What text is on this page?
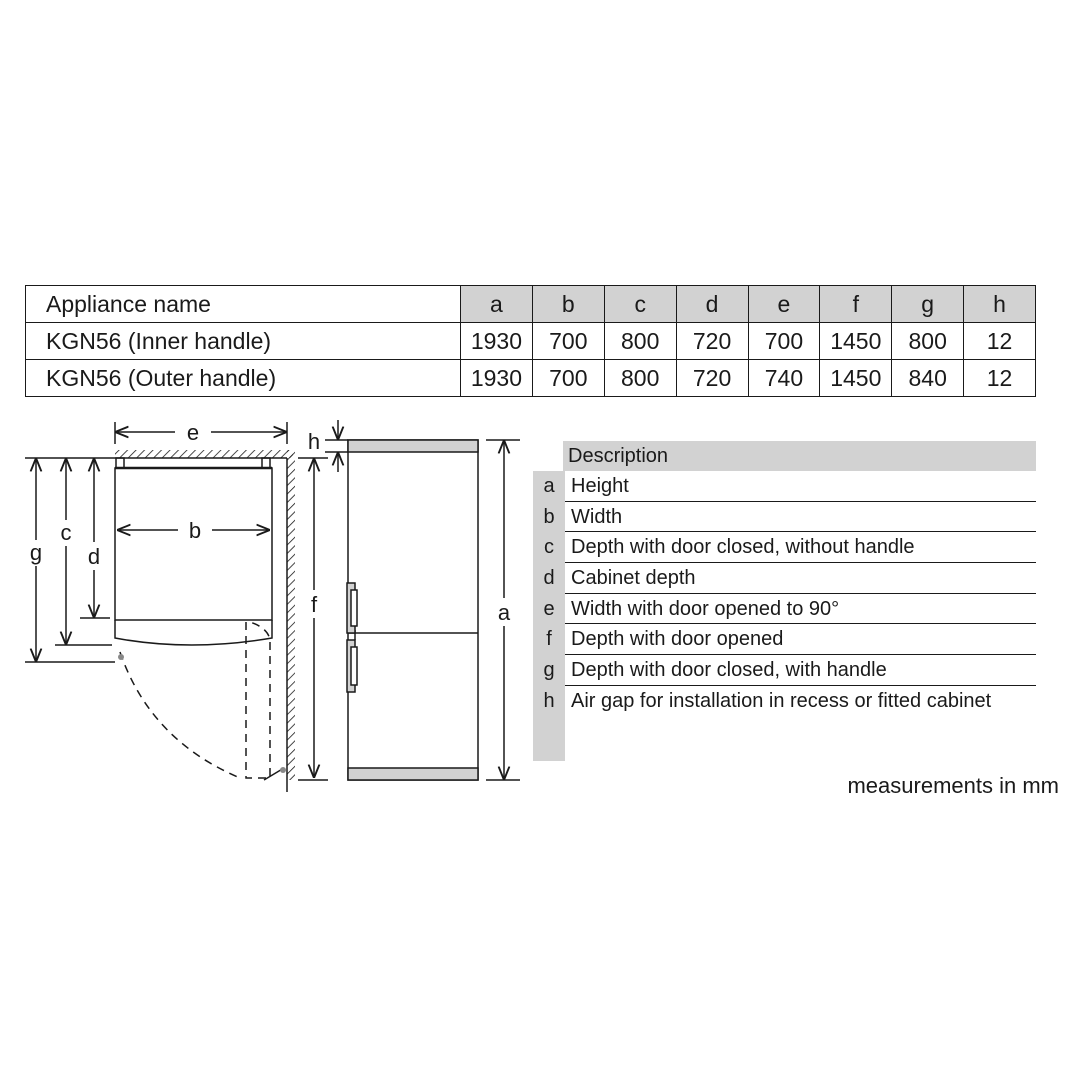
Appliance name	a	b	c	d	e	f	g	h
KGN56 (Inner handle)	1930	700	800	720	700	1450	800	12
KGN56 (Outer handle)	1930	700	800	720	740	1450	840	12
e
b
g
c
d
f
h
a
Description
a Height
b Width
c Depth with door closed, without handle
d Cabinet depth
e Width with door opened to 90°
f Depth with door opened
g Depth with door closed, with handle
h Air gap for installation in recess or fitted cabinet
measurements in mm
